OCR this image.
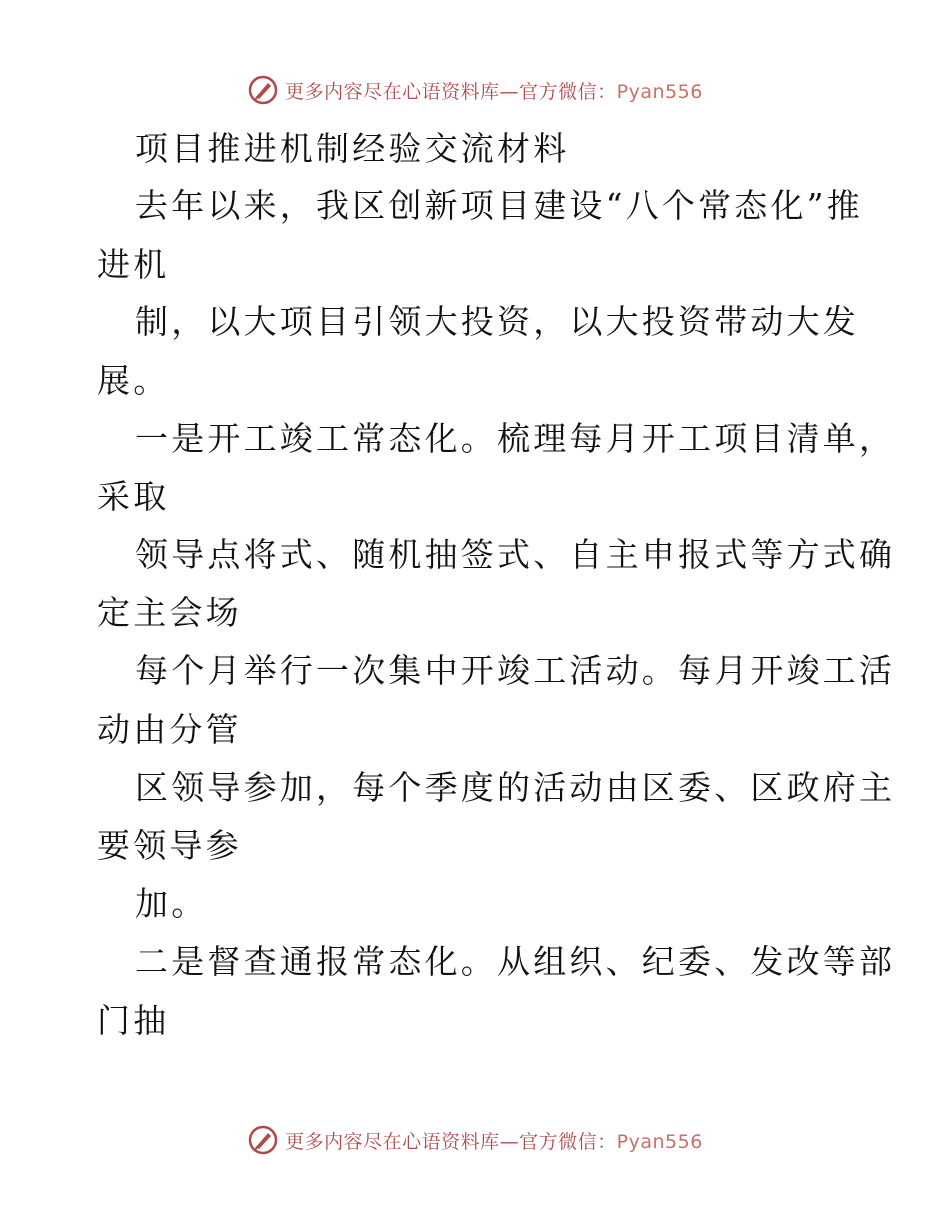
更多内容尽在心语资料库—官方微信：Pyan556
项目推进机制经验交流材料
去年以来，我区创新项目建设“八个常态化”推
进机
制，以大项目引领大投资，以大投资带动大发
展。
一是开工竣工常态化。梳理每月开工项目清单，
采取
领导点将式、随机抽签式、自主申报式等方式确
定主会场
每个月举行一次集中开竣工活动。每月开竣工活
动由分管
区领导参加，每个季度的活动由区委、区政府主
要领导参
加。
二是督查通报常态化。从组织、纪委、发改等部
门抽
更多内容尽在心语资料库—官方微信：Pyan556
